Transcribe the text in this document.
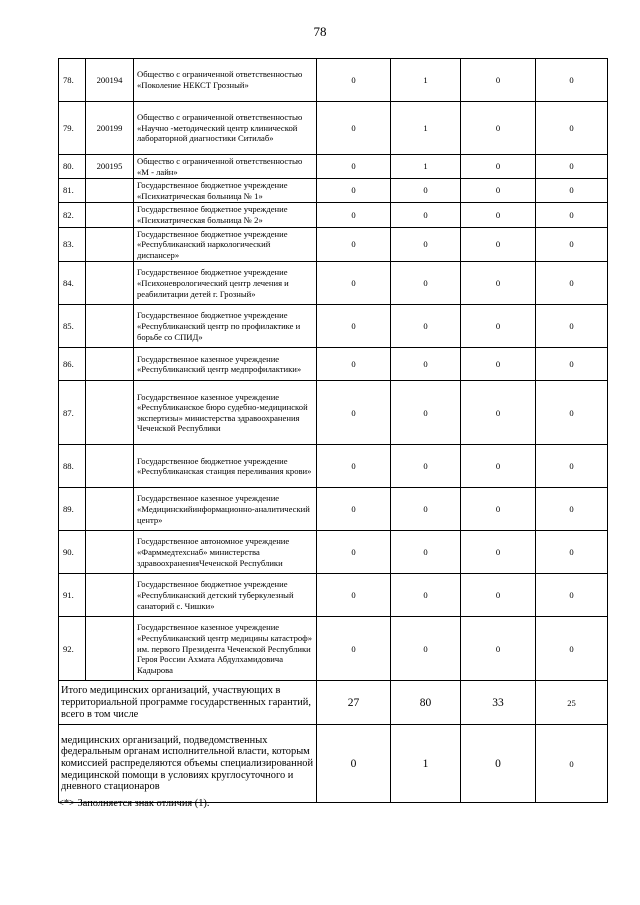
78
78.	200194	Общество с ограниченной ответственностью «Поколение НЕКСТ Грозный»	0	1	0	0
79.	200199	Общество с ограниченной ответственностью «Научно -методический центр клинической лабораторной диагностики Ситилаб»	0	1	0	0
80.	200195	Общество с ограниченной ответственностью «М - лайн»	0	1	0	0
81.		Государственное бюджетное учреждение «Психиатрическая больница № 1»	0	0	0	0
82.		Государственное бюджетное учреждение «Психиатрическая больница № 2»	0	0	0	0
83.		Государственное бюджетное учреждение «Республиканский наркологический диспансер»	0	0	0	0
84.		Государственное бюджетное учреждение «Психоневрологический центр лечения и реабилитации детей г. Грозный»	0	0	0	0
85.		Государственное бюджетное учреждение «Республиканский центр по профилактике и борьбе со СПИД»	0	0	0	0
86.		Государственное казенное учреждение «Республиканский центр медпрофилактики»	0	0	0	0
87.		Государственное казенное учреждение «Республиканское бюро судебно-медицинской экспертизы» министерства здравоохранения Чеченской Республики	0	0	0	0
88.		Государственное бюджетное учреждение «Республиканская станция переливания крови»	0	0	0	0
89.		Государственное казенное учреждение «Медицинскийинформационно-аналитический центр»	0	0	0	0
90.		Государственное автономное учреждение «Фарммедтехснаб» министерства здравоохраненияЧеченской Республики	0	0	0	0
91.		Государственное бюджетное учреждение «Республиканский детский туберкулезный санаторий с. Чишки»	0	0	0	0
92.		Государственное казенное учреждение «Республиканский центр медицины катастроф» им. первого Президента Чеченской Республики Героя России Ахмата Абдулхамидовича Кадырова	0	0	0	0
Итого медицинских организаций, участвующих в территориальной программе государственных гарантий, всего в том числе			27	80	33	25
медицинских организаций, подведомственных федеральным органам исполнительной власти, которым комиссией распределяются объемы специализированной медицинской помощи в условиях круглосуточного и дневного стационаров			0	1	0	0
<*> Заполняется знак отличия (1).
